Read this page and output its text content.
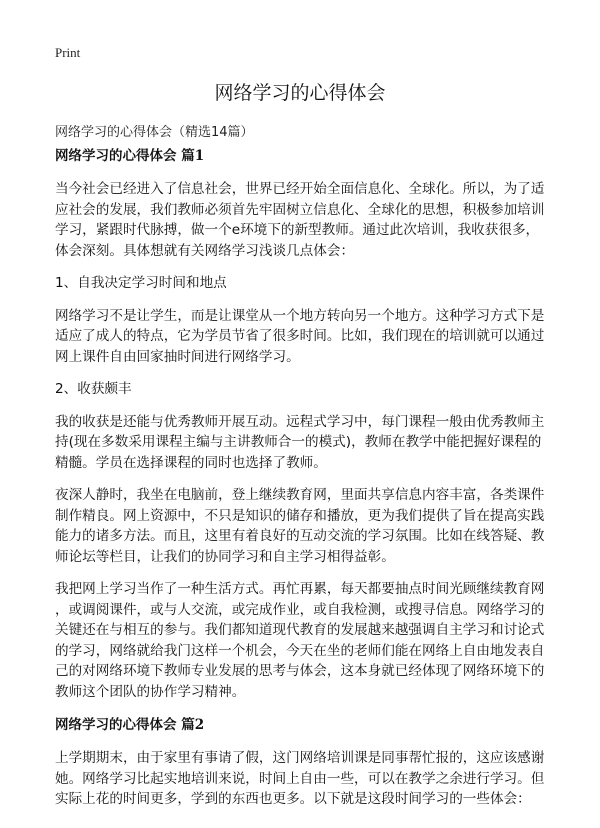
Print
网络学习的心得体会
网络学习的心得体会（精选14篇）
网络学习的心得体会 篇1
当今社会已经进入了信息社会，世界已经开始全面信息化、全球化。所以，为了适
应社会的发展，我们教师必须首先牢固树立信息化、全球化的思想，积极参加培训
学习，紧跟时代脉搏，做一个e环境下的新型教师。通过此次培训，我收获很多，
体会深刻。具体想就有关网络学习浅谈几点体会：
1、自我决定学习时间和地点
网络学习不是让学生，而是让课堂从一个地方转向另一个地方。这种学习方式下是
适应了成人的特点，它为学员节省了很多时间。比如，我们现在的培训就可以通过
网上课件自由回家抽时间进行网络学习。
2、收获颇丰
我的收获是还能与优秀教师开展互动。远程式学习中，每门课程一般由优秀教师主
持(现在多数采用课程主编与主讲教师合一的模式)，教师在教学中能把握好课程的
精髓。学员在选择课程的同时也选择了教师。
夜深人静时，我坐在电脑前，登上继续教育网，里面共享信息内容丰富，各类课件
制作精良。网上资源中，不只是知识的储存和播放，更为我们提供了旨在提高实践
能力的诸多方法。而且，这里有着良好的互动交流的学习氛围。比如在线答疑、教
师论坛等栏目，让我们的协同学习和自主学习相得益彰。
我把网上学习当作了一种生活方式。再忙再累，每天都要抽点时间光顾继续教育网
，或调阅课件，或与人交流，或完成作业，或自我检测，或搜寻信息。网络学习的
关键还在与相互的参与。我们都知道现代教育的发展越来越强调自主学习和讨论式
的学习，网络就给我门这样一个机会，今天在坐的老师们能在网络上自由地发表自
己的对网络环境下教师专业发展的思考与体会，这本身就已经体现了网络环境下的
教师这个团队的协作学习精神。
网络学习的心得体会 篇2
上学期期末，由于家里有事请了假，这门网络培训课是同事帮忙报的，这应该感谢
她。网络学习比起实地培训来说，时间上自由一些，可以在教学之余进行学习。但
实际上花的时间更多，学到的东西也更多。以下就是这段时间学习的一些体会：
